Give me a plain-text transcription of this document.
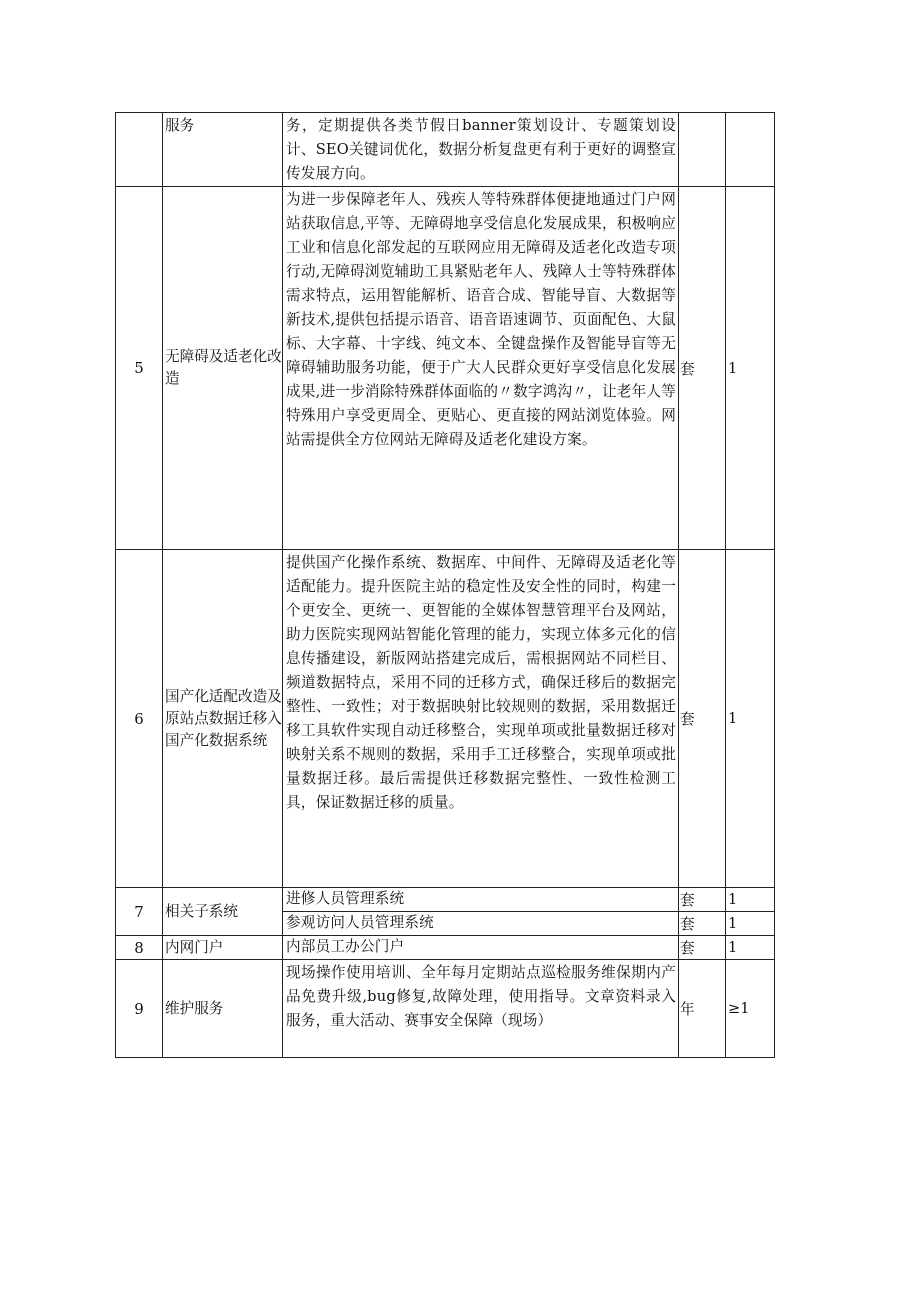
	服务	务，定期提供各类节假日banner策划设计、专题策划设计、SEO关键词优化，数据分析复盘更有利于更好的调整宣传发展方向。		
5	无障碍及适老化改造	为进一步保障老年人、残疾人等特殊群体便捷地通过门户网站获取信息,平等、无障碍地享受信息化发展成果，积极响应工业和信息化部发起的互联网应用无障碍及适老化改造专项行动,无障碍浏览辅助工具紧贴老年人、残障人士等特殊群体需求特点，运用智能解析、语音合成、智能导盲、大数据等新技术,提供包括提示语音、语音语速调节、页面配色、大鼠标、大字幕、十字线、纯文本、全键盘操作及智能导盲等无障碍辅助服务功能，便于广大人民群众更好享受信息化发展成果,进一步消除特殊群体面临的〃数字鸿沟〃，让老年人等特殊用户享受更周全、更贴心、更直接的网站浏览体验。网站需提供全方位网站无障碍及适老化建设方案。	套	1
6	国产化适配改造及原站点数据迁移入国产化数据系统	提供国产化操作系统、数据库、中间件、无障碍及适老化等适配能力。提升医院主站的稳定性及安全性的同时，构建一个更安全、更统一、更智能的全媒体智慧管理平台及网站，助力医院实现网站智能化管理的能力，实现立体多元化的信息传播建设，新版网站搭建完成后，需根据网站不同栏目、频道数据特点，采用不同的迁移方式，确保迁移后的数据完整性、一致性；对于数据映射比较规则的数据，采用数据迁移工具软件实现自动迁移整合，实现单项或批量数据迁移对映射关系不规则的数据，采用手工迁移整合，实现单项或批量数据迁移。最后需提供迁移数据完整性、一致性检测工具，保证数据迁移的质量。	套	1
7	相关子系统	进修人员管理系统	套	1
		参观访问人员管理系统	套	1
8	内网门户	内部员工办公门户	套	1
9	维护服务	现场操作使用培训、全年每月定期站点巡检服务维保期内产品免费升级,bug修复,故障处理，使用指导。文章资料录入服务，重大活动、赛事安全保障（现场）	年	≥1
